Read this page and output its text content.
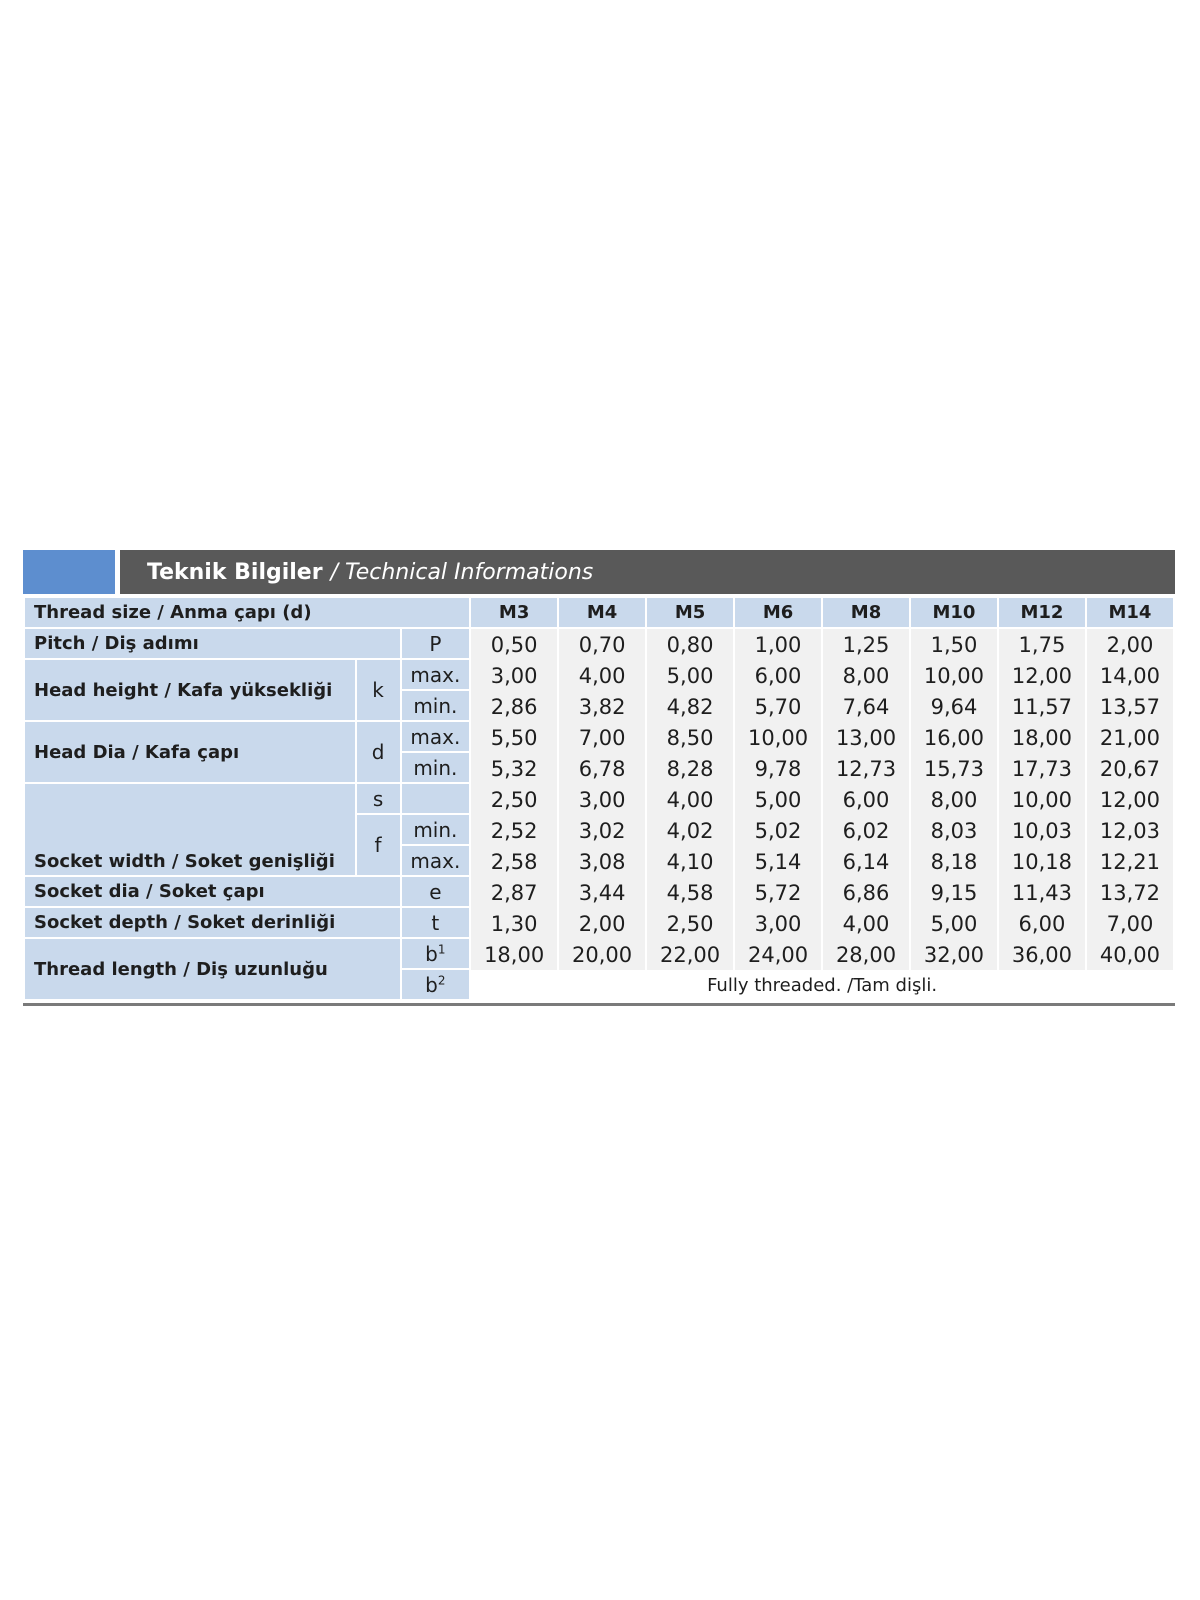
Teknik Bilgiler / Technical Informations
Thread size / Anma çapı (d)			M3	M4	M5	M6	M8	M10	M12	M14
Pitch / Diş adımı		P	0,50	0,70	0,80	1,00	1,25	1,50	1,75	2,00
Head height / Kafa yüksekliği	k	max.	3,00	4,00	5,00	6,00	8,00	10,00	12,00	14,00
		min.	2,86	3,82	4,82	5,70	7,64	9,64	11,57	13,57
Head Dia / Kafa çapı	d	max.	5,50	7,00	8,50	10,00	13,00	16,00	18,00	21,00
		min.	5,32	6,78	8,28	9,78	12,73	15,73	17,73	20,67
Socket width / Soket genişliği	s		2,50	3,00	4,00	5,00	6,00	8,00	10,00	12,00
	f	min.	2,52	3,02	4,02	5,02	6,02	8,03	10,03	12,03
		max.	2,58	3,08	4,10	5,14	6,14	8,18	10,18	12,21
Socket dia / Soket çapı		e	2,87	3,44	4,58	5,72	6,86	9,15	11,43	13,72
Socket depth / Soket derinliği		t	1,30	2,00	2,50	3,00	4,00	5,00	6,00	7,00
Thread length / Diş uzunluğu		$b^1$	18,00	20,00	22,00	24,00	28,00	32,00	36,00	40,00
		$b^2$	Fully threaded. /Tam dişli.							
